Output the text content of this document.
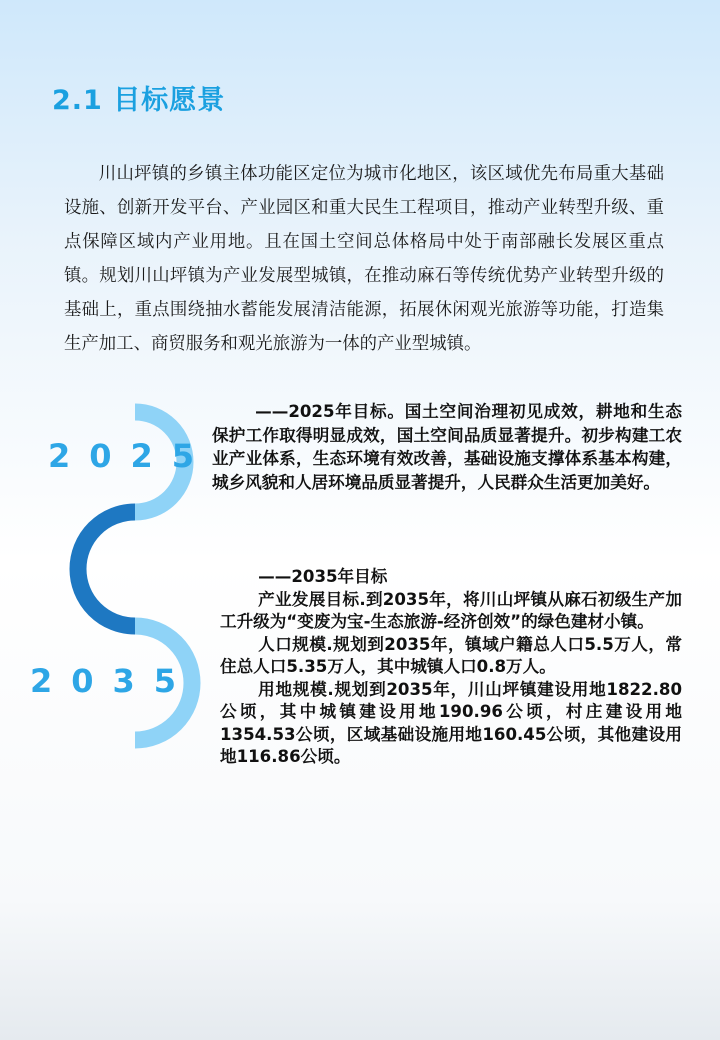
2.1 目标愿景

川山坪镇的乡镇主体功能区定位为城市化地区，该区域优先布局重大基础设施、创新开发平台、产业园区和重大民生工程项目，推动产业转型升级、重点保障区域内产业用地。且在国土空间总体格局中处于南部融长发展区重点镇。规划川山坪镇为产业发展型城镇，在推动麻石等传统优势产业转型升级的基础上，重点围绕抽水蓄能发展清洁能源，拓展休闲观光旅游等功能，打造集生产加工、商贸服务和观光旅游为一体的产业型城镇。

2025
2035

——2025年目标。国土空间治理初见成效，耕地和生态保护工作取得明显成效，国土空间品质显著提升。初步构建工农业产业体系，生态环境有效改善，基础设施支撑体系基本构建，城乡风貌和人居环境品质显著提升，人民群众生活更加美好。

——2035年目标

产业发展目标.到2035年，将川山坪镇从麻石初级生产加工升级为“变废为宝-生态旅游-经济创效”的绿色建材小镇。

人口规模.规划到2035年，镇域户籍总人口5.5万人，常住总人口5.35万人，其中城镇人口0.8万人。

用地规模.规划到2035年，川山坪镇建设用地1822.80公顷，其中城镇建设用地190.96公顷，村庄建设用地1354.53公顷，区域基础设施用地160.45公顷，其他建设用地116.86公顷。
